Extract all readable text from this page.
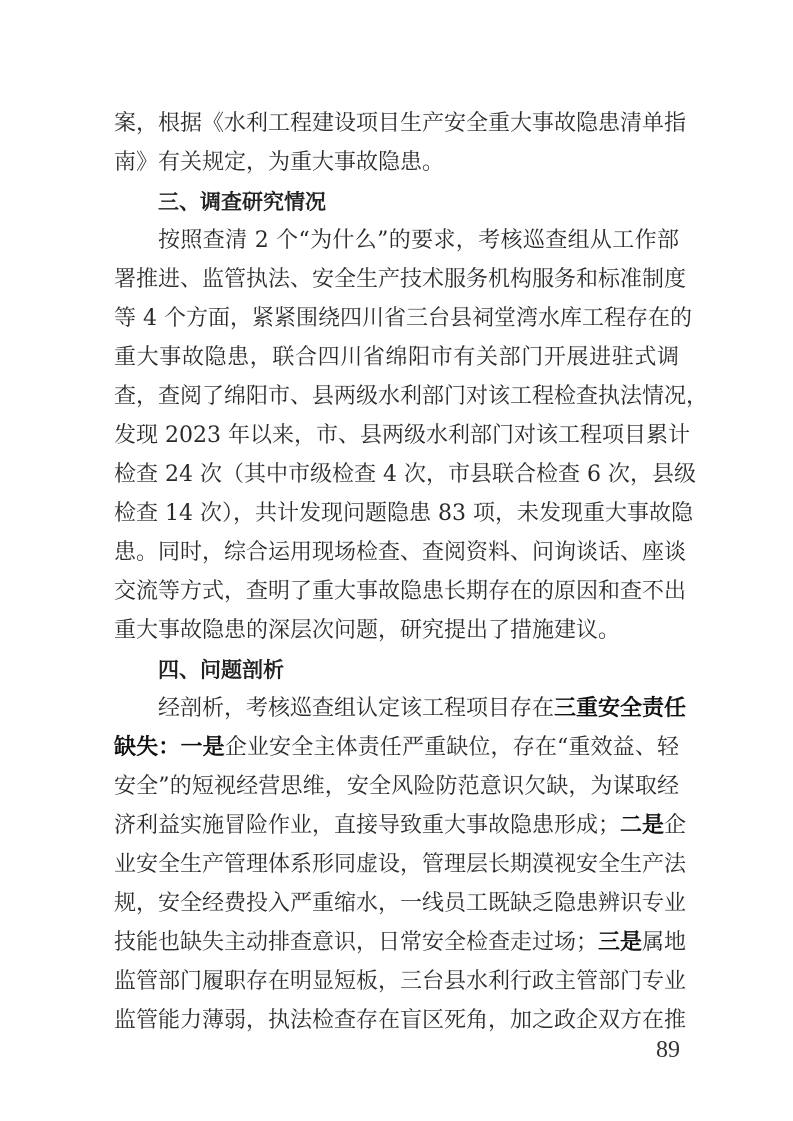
案，根据《水利工程建设项目生产安全重大事故隐患清单指
南》有关规定，为重大事故隐患。
三、调查研究情况
按照查清 2 个“为什么”的要求，考核巡查组从工作部
署推进、监管执法、安全生产技术服务机构服务和标准制度
等 4 个方面，紧紧围绕四川省三台县祠堂湾水库工程存在的
重大事故隐患，联合四川省绵阳市有关部门开展进驻式调
查，查阅了绵阳市、县两级水利部门对该工程检查执法情况，
发现 2023 年以来，市、县两级水利部门对该工程项目累计
检查 24 次（其中市级检查 4 次，市县联合检查 6 次，县级
检查 14 次），共计发现问题隐患 83 项，未发现重大事故隐
患。同时，综合运用现场检查、查阅资料、问询谈话、座谈
交流等方式，查明了重大事故隐患长期存在的原因和查不出
重大事故隐患的深层次问题，研究提出了措施建议。
四、问题剖析
经剖析，考核巡查组认定该工程项目存在三重安全责任
缺失：一是企业安全主体责任严重缺位，存在“重效益、轻
安全”的短视经营思维，安全风险防范意识欠缺，为谋取经
济利益实施冒险作业，直接导致重大事故隐患形成；二是企
业安全生产管理体系形同虚设，管理层长期漠视安全生产法
规，安全经费投入严重缩水，一线员工既缺乏隐患辨识专业
技能也缺失主动排查意识，日常安全检查走过场；三是属地
监管部门履职存在明显短板，三台县水利行政主管部门专业
监管能力薄弱，执法检查存在盲区死角，加之政企双方在推
89
